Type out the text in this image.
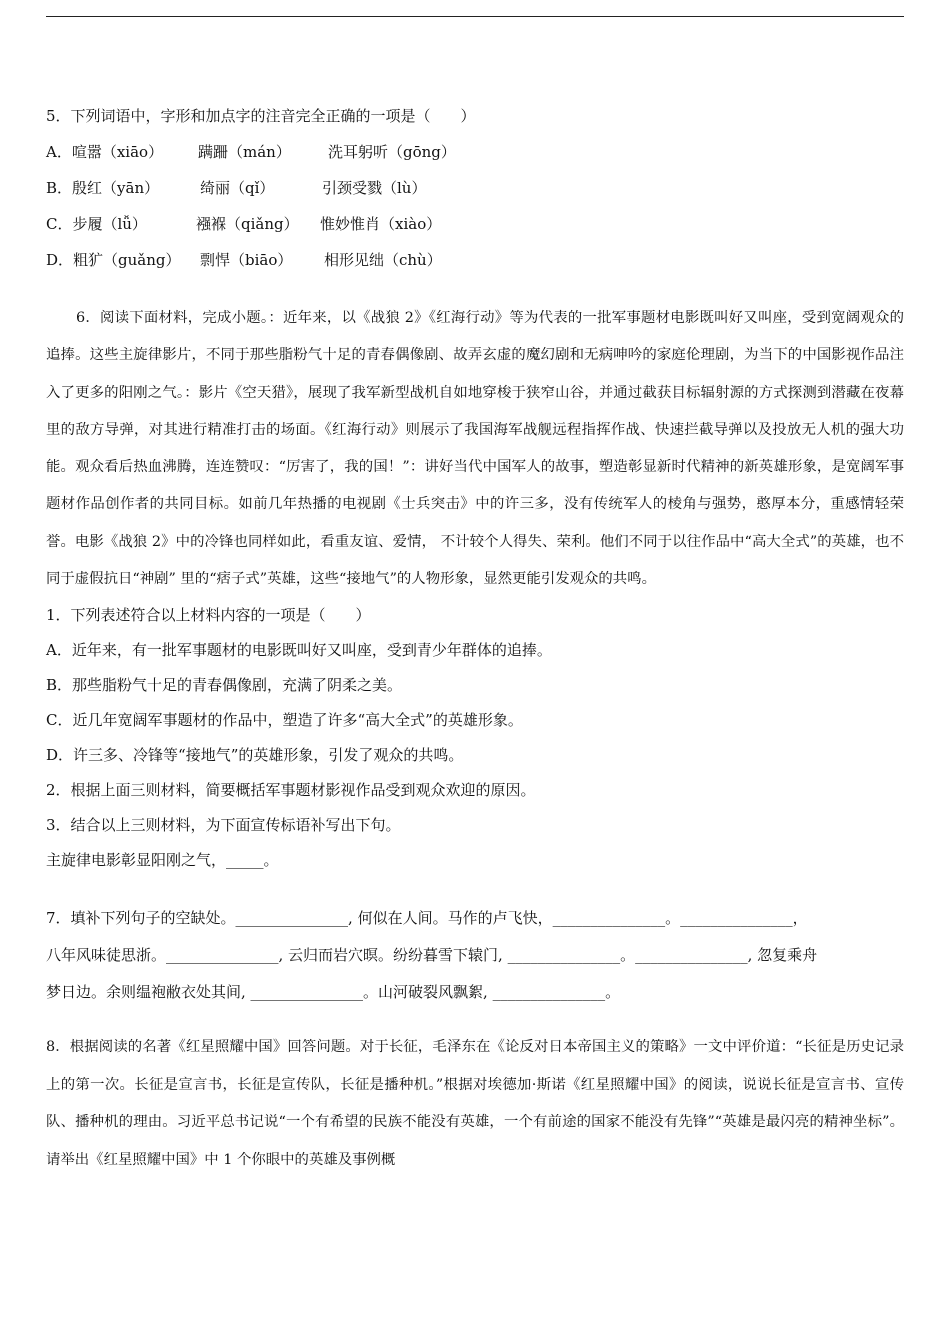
5．下列词语中，字形和加点字的注音完全正确的一项是（　　）
A．喧嚣（xiāo） 蹒跚（mán） 洗耳躬听（gōng）
B．殷红（yān）	绮丽（qǐ）	引颈受戮（lù）
C．步履（lǚ）	襁褓（qiǎng） 惟妙惟肖（xiào）
D．粗犷（guǎng） 剽悍（biāo） 相形见绌（chù）
6．阅读下面材料，完成小题。：近年来，以《战狼 2》《红海行动》等为代表的一批军事题材电影既叫好又叫座，受到宽阔观众的追捧。这些主旋律影片，不同于那些脂粉气十足的青春偶像剧、故弄玄虚的魔幻剧和无病呻吟的家庭伦理剧，为当下的中国影视作品注入了更多的阳刚之气。：影片《空天猎》，展现了我军新型战机自如地穿梭于狭窄山谷，并通过截获目标辐射源的方式探测到潜藏在夜幕里的敌方导弹，对其进行精准打击的场面。《红海行动》则展示了我国海军战舰远程指挥作战、快速拦截导弹以及投放无人机的强大功能。观众看后热血沸腾，连连赞叹：“厉害了，我的国！”：讲好当代中国军人的故事，塑造彰显新时代精神的新英雄形象，是宽阔军事题材作品创作者的共同目标。如前几年热播的电视剧《士兵突击》中的许三多，没有传统军人的棱角与强势，憨厚本分，重感情轻荣誉。电影《战狼 2》中的冷锋也同样如此，看重友谊、爱情， 不计较个人得失、荣利。他们不同于以往作品中“高大全式”的英雄，也不同于虚假抗日“神剧” 里的“痞子式”英雄，这些“接地气”的人物形象，显然更能引发观众的共鸣。
1．下列表述符合以上材料内容的一项是（　　）
A．近年来，有一批军事题材的电影既叫好又叫座，受到青少年群体的追捧。
B．那些脂粉气十足的青春偶像剧，充满了阴柔之美。
C．近几年宽阔军事题材的作品中，塑造了许多“高大全式”的英雄形象。
D．许三多、冷锋等“接地气”的英雄形象，引发了观众的共鸣。
2．根据上面三则材料，简要概括军事题材影视作品受到观众欢迎的原因。
3．结合以上三则材料，为下面宣传标语补写出下句。
主旋律电影彰显阳刚之气，_____。
7．填补下列句子的空缺处。_______________, 何似在人间。马作的卢飞快，_______________。_______________，
八年风味徒思浙。_______________, 云归而岩穴暝。纷纷暮雪下辕门, _______________。_______________, 忽复乘舟
梦日边。余则缊袍敝衣处其间, _______________。山河破裂风飘絮, _______________。
8．根据阅读的名著《红星照耀中国》回答问题。对于长征，毛泽东在《论反对日本帝国主义的策略》一文中评价道：“长征是历史记录上的第一次。长征是宣言书，长征是宣传队，长征是播种机。”根据对埃德加·斯诺《红星照耀中国》的阅读，说说长征是宣言书、宣传队、播种机的理由。习近平总书记说“一个有希望的民族不能没有英雄，一个有前途的国家不能没有先锋”“英雄是最闪亮的精神坐标”。请举出《红星照耀中国》中 1 个你眼中的英雄及事例概
